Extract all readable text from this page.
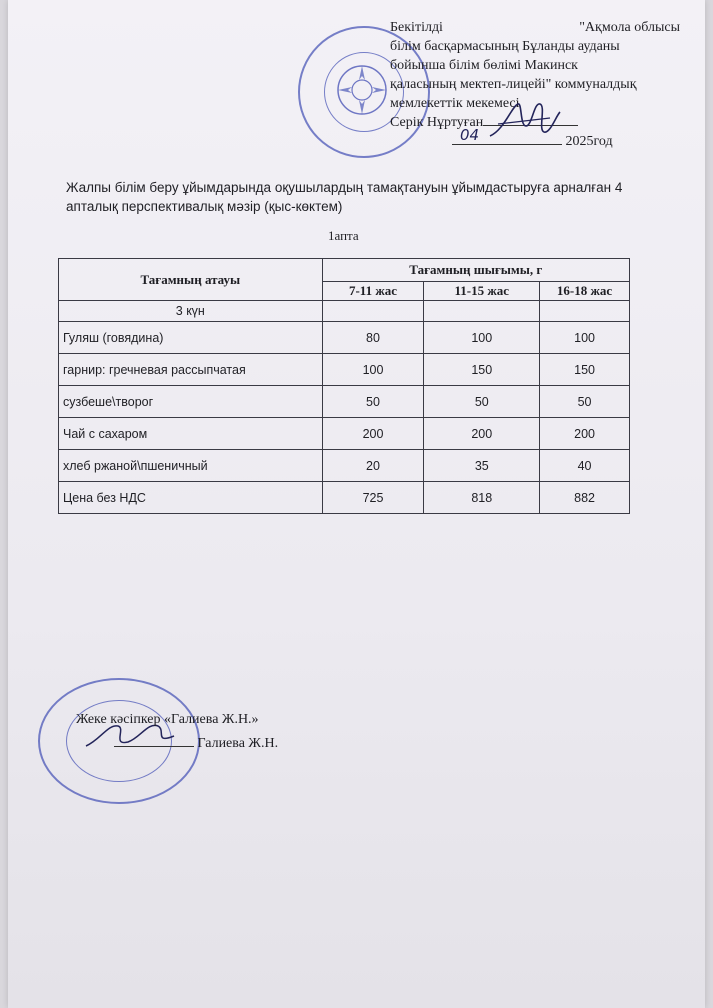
Бекітілді	"Ақмола облысы
білім басқармасының Бұланды ауданы
бойынша білім бөлімі Макинск
қаласының мектеп-лицейі" коммуналдық
мемлекеттік мекемесі
Серік Нұртуған
04	2025год
Жалпы білім беру ұйымдарында оқушылардың тамақтануын ұйымдастыруға арналған 4 апталық перспективалық мәзір (қыс-көктем)
1апта
Тағамның атауы	Тағамның шығымы, г		
	7-11 жас	11-15 жас	16-18 жас
3 күн			
Гуляш (говядина)	80	100	100
гарнир: гречневая рассыпчатая	100	150	150
сузбеше\творог	50	50	50
Чай с сахаром	200	200	200
хлеб ржаной\пшеничный	20	35	40
Цена без НДС	725	818	882
Жеке кәсіпкер «Галиева Ж.Н.»
Галиева Ж.Н.
